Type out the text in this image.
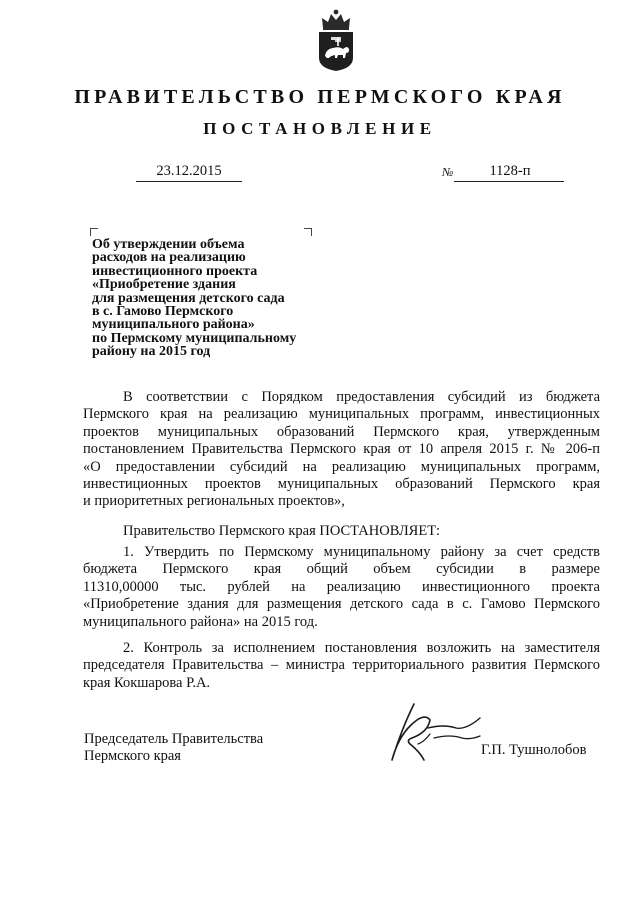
ПРАВИТЕЛЬСТВО ПЕРМСКОГО КРАЯ
ПОСТАНОВЛЕНИЕ
23.12.2015	№	1128-п
Об утверждении объема
расходов на реализацию
инвестиционного проекта
«Приобретение здания
для размещения детского сада
в с. Гамово Пермского
муниципального района»
по Пермскому муниципальному
району на 2015 год
В соответствии с Порядком предоставления субсидий из бюджета
Пермского края на реализацию муниципальных программ, инвестиционных
проектов муниципальных образований Пермского края, утвержденным
постановлением Правительства Пермского края от 10 апреля 2015 г. № 206-п
«О предоставлении субсидий на реализацию муниципальных программ,
инвестиционных проектов муниципальных образований Пермского края
и приоритетных региональных проектов»,
Правительство Пермского края ПОСТАНОВЛЯЕТ:
1. Утвердить по Пермскому муниципальному району за счет средств
бюджета Пермского края общий объем субсидии в размере
11310,00000 тыс. рублей на реализацию инвестиционного проекта
«Приобретение здания для размещения детского сада в с. Гамово Пермского
муниципального района» на 2015 год.
2. Контроль за исполнением постановления возложить на заместителя
председателя Правительства – министра территориального развития Пермского
края Кокшарова Р.А.
Председатель Правительства
Пермского края	Г.П. Тушнолобов
